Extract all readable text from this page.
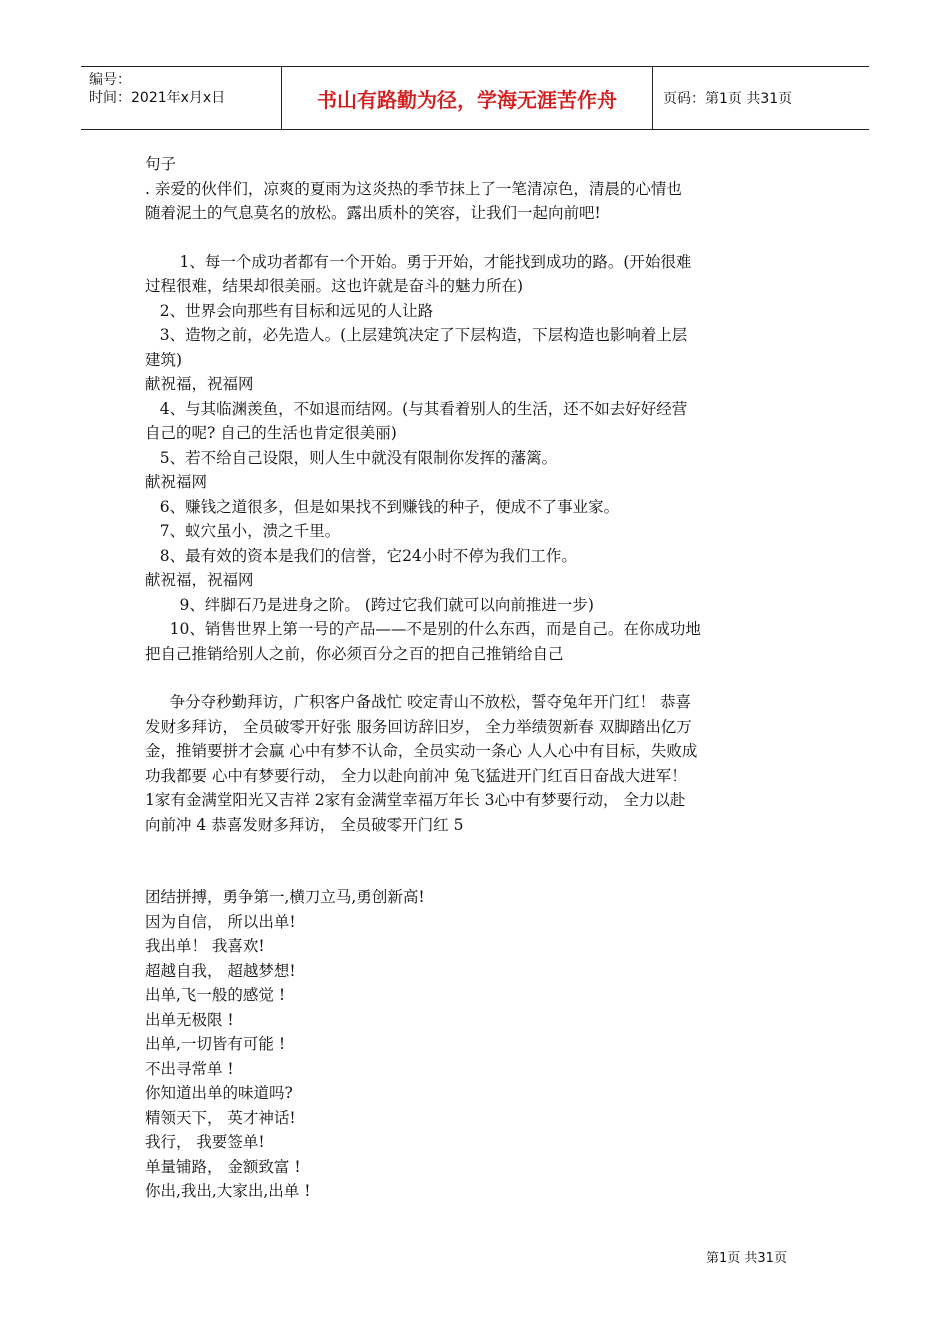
编号：
时间：2021年x月x日	书山有路勤为径，学海无涯苦作舟	页码：第1页 共31页

句子

. 亲爱的伙伴们，凉爽的夏雨为这炎热的季节抹上了一笔清凉色，清晨的心情也

随着泥土的气息莫名的放松。露出质朴的笑容，让我们一起向前吧!

1、每一个成功者都有一个开始。勇于开始，才能找到成功的路。(开始很难

过程很难，结果却很美丽。这也许就是奋斗的魅力所在)

2、世界会向那些有目标和远见的人让路

3、造物之前，必先造人。(上层建筑决定了下层构造，下层构造也影响着上层

建筑)

献祝福，祝福网

4、与其临渊羡鱼，不如退而结网。(与其看着别人的生活，还不如去好好经营

自己的呢? 自己的生活也肯定很美丽)

5、若不给自己设限，则人生中就没有限制你发挥的藩篱。

献祝福网

6、赚钱之道很多，但是如果找不到赚钱的种子，便成不了事业家。

7、蚁穴虽小，溃之千里。

8、最有效的资本是我们的信誉，它24小时不停为我们工作。

献祝福，祝福网

9、绊脚石乃是进身之阶。 (跨过它我们就可以向前推进一步)

10、销售世界上第一号的产品——不是别的什么东西，而是自己。在你成功地

把自己推销给别人之前，你必须百分之百的把自己推销给自己

争分夺秒勤拜访，广积客户备战忙 咬定青山不放松，誓夺兔年开门红！ 恭喜

发财多拜访， 全员破零开好张 服务回访辞旧岁， 全力举绩贺新春 双脚踏出亿万

金，推销要拼才会赢 心中有梦不认命，全员实动一条心 人人心中有目标，失败成

功我都要 心中有梦要行动， 全力以赴向前冲 兔飞猛进开门红百日奋战大进军！

1家有金满堂阳光又吉祥 2家有金满堂幸福万年长 3心中有梦要行动， 全力以赴

向前冲 4 恭喜发财多拜访， 全员破零开门红 5

团结拼搏，勇争第一,横刀立马,勇创新高!

因为自信， 所以出单!

我出单！ 我喜欢!

超越自我， 超越梦想!

出单,飞一般的感觉 !

出单无极限 !

出单,一切皆有可能 !

不出寻常单 !

你知道出单的味道吗?

精领天下， 英才神话!

我行， 我要签单!

单量铺路， 金额致富 !

你出,我出,大家出,出单 !

第1页 共31页
